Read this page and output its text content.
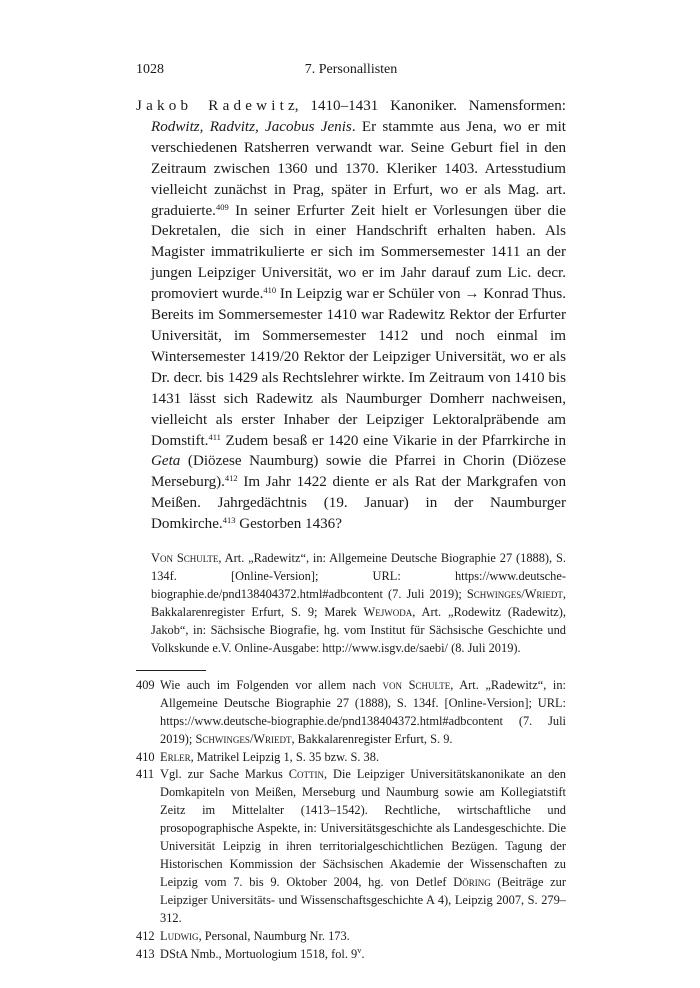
1028	7. Personallisten

Jakob Radewitz, 1410–1431 Kanoniker. Namensformen: Rodwitz, Radvitz, Jacobus Jenis. Er stammte aus Jena, wo er mit verschiedenen Ratsherren verwandt war. Seine Geburt fiel in den Zeitraum zwischen 1360 und 1370. Kleriker 1403. Artesstudium vielleicht zunächst in Prag, später in Erfurt, wo er als Mag. art. graduierte.$^{409}$ In seiner Erfurter Zeit hielt er Vorlesungen über die Dekretalen, die sich in einer Handschrift erhalten haben. Als Magister immatrikulierte er sich im Sommersemester 1411 an der jungen Leipziger Universität, wo er im Jahr darauf zum Lic. decr. promoviert wurde.$^{410}$ In Leipzig war er Schüler von → Konrad Thus. Bereits im Sommersemester 1410 war Radewitz Rektor der Erfurter Universität, im Sommersemester 1412 und noch einmal im Wintersemester 1419/20 Rektor der Leipziger Universität, wo er als Dr. decr. bis 1429 als Rechtslehrer wirkte. Im Zeitraum von 1410 bis 1431 lässt sich Radewitz als Naumburger Domherr nachweisen, vielleicht als erster Inhaber der Leipziger Lektoralpräbende am Domstift.$^{411}$ Zudem besaß er 1420 eine Vikarie in der Pfarrkirche in Geta (Diözese Naumburg) sowie die Pfarrei in Chorin (Diözese Merseburg).$^{412}$ Im Jahr 1422 diente er als Rat der Markgrafen von Meißen. Jahrgedächtnis (19. Januar) in der Naumburger Domkirche.$^{413}$ Gestorben 1436?

Von Schulte, Art. „Radewitz“, in: Allgemeine Deutsche Biographie 27 (1888), S. 134f. [Online-Version]; URL: https://www.deutsche-biographie.de/pnd138404372.html#adbcontent (7. Juli 2019); Schwinges/Wriedt, Bakkalarenregister Erfurt, S. 9; Marek Wejwoda, Art. „Rodewitz (Radewitz), Jakob“, in: Sächsische Biografie, hg. vom Institut für Sächsische Geschichte und Volkskunde e.V. Online-Ausgabe: http://www.isgv.de/saebi/ (8. Juli 2019).

409 Wie auch im Folgenden vor allem nach von Schulte, Art. „Radewitz“, in: Allgemeine Deutsche Biographie 27 (1888), S. 134f. [Online-Version]; URL: https://www.deutsche-biographie.de/pnd138404372.html#adbcontent (7. Juli 2019); Schwinges/Wriedt, Bakkalarenregister Erfurt, S. 9.
410 Erler, Matrikel Leipzig 1, S. 35 bzw. S. 38.
411 Vgl. zur Sache Markus Cottin, Die Leipziger Universitätskanonikate an den Domkapiteln von Meißen, Merseburg und Naumburg sowie am Kollegiatstift Zeitz im Mittelalter (1413–1542). Rechtliche, wirtschaftliche und prosopographische Aspekte, in: Universitätsgeschichte als Landesgeschichte. Die Universität Leipzig in ihren territorialgeschichtlichen Bezügen. Tagung der Historischen Kommission der Sächsischen Akademie der Wissenschaften zu Leipzig vom 7. bis 9. Oktober 2004, hg. von Detlef Döring (Beiträge zur Leipziger Universitäts- und Wissenschaftsgeschichte A 4), Leipzig 2007, S. 279–312.
412 Ludwig, Personal, Naumburg Nr. 173.
413 DStA Nmb., Mortuologium 1518, fol. 9$^v$.
